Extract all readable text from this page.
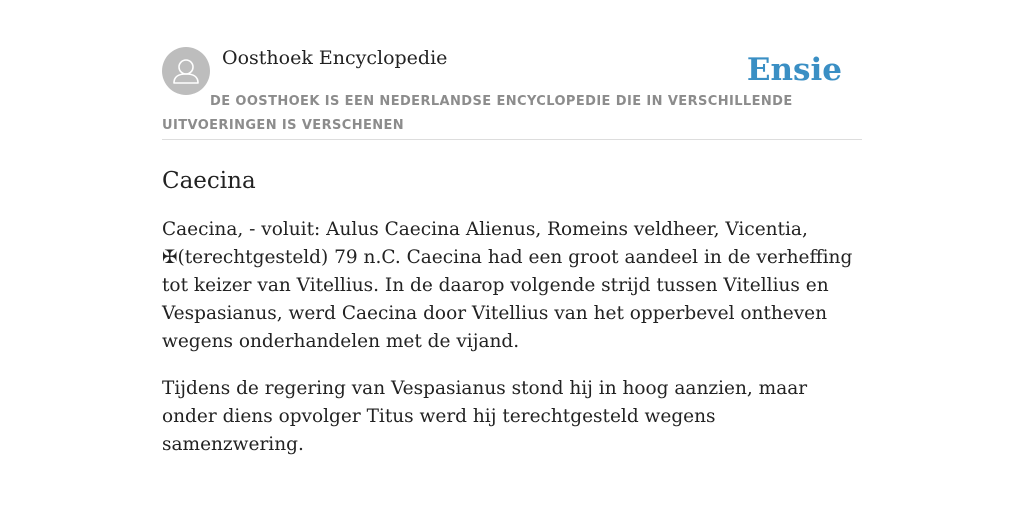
Oosthoek Encyclopedie	Ensie
DE OOSTHOEK IS EEN NEDERLANDSE ENCYCLOPEDIE DIE IN VERSCHILLENDE UITVOERINGEN IS VERSCHENEN
Caecina

Caecina, - voluit: Aulus Caecina Alienus, Romeins veldheer, Vicentia, ✠(terechtgesteld) 79 n.C. Caecina had een groot aandeel in de verheffing tot keizer van Vitellius. In de daarop volgende strijd tussen Vitellius en Vespasianus, werd Caecina door Vitellius van het opperbevel ontheven wegens onderhandelen met de vijand.

Tijdens de regering van Vespasianus stond hij in hoog aanzien, maar onder diens opvolger Titus werd hij terechtgesteld wegens samenzwering.
